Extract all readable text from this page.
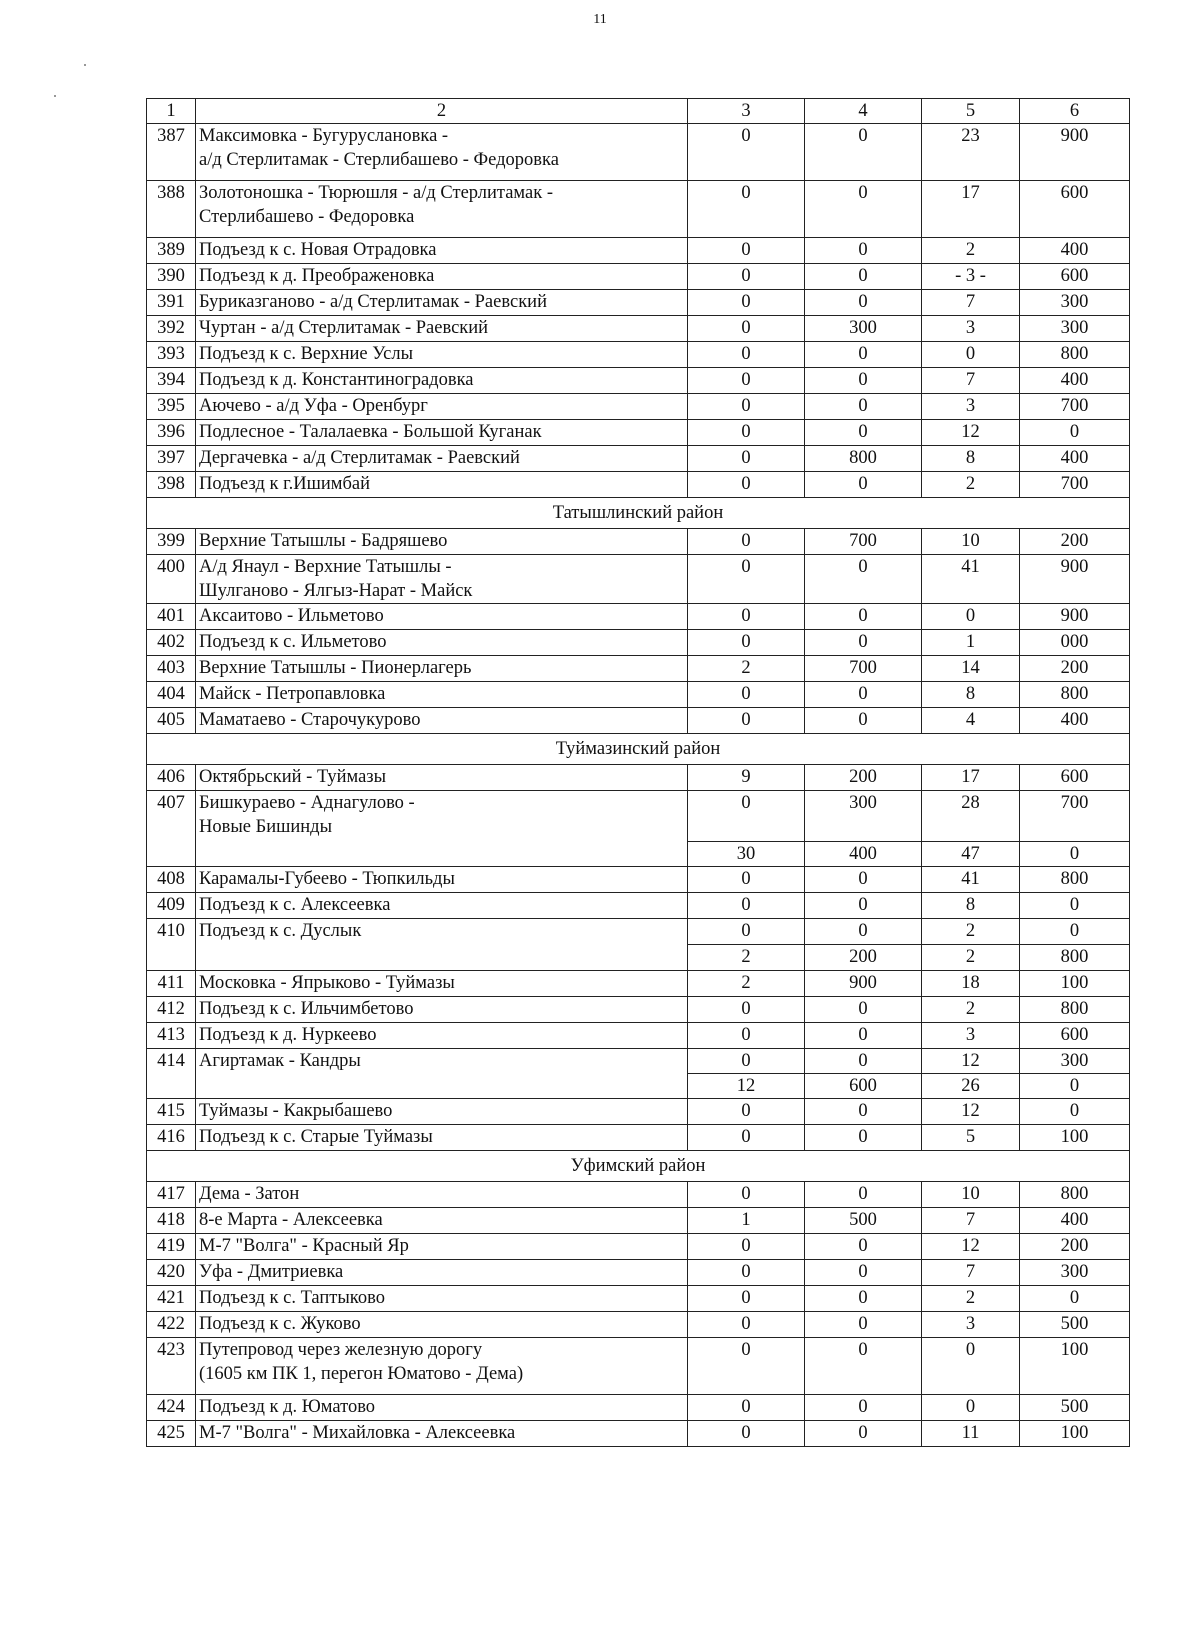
11
1	2	3	4	5	6
387	Максимовка - Бугуруслановка -
а/д Стерлитамак - Стерлибашево - Федоровка	0	0	23	900
388	Золотоношка - Тюрюшля - а/д Стерлитамак -
Стерлибашево - Федоровка	0	0	17	600
389	Подъезд к с. Новая Отрадовка	0	0	2	400
390	Подъезд к д. Преображеновка	0	0	- 3 -	600
391	Буриказганово - а/д Стерлитамак - Раевский	0	0	7	300
392	Чуртан - а/д Стерлитамак - Раевский	0	300	3	300
393	Подъезд к с. Верхние Услы	0	0	0	800
394	Подъезд к д. Константиноградовка	0	0	7	400
395	Аючево - а/д Уфа - Оренбург	0	0	3	700
396	Подлесное - Талалаевка - Большой Куганак	0	0	12	0
397	Дергачевка - а/д Стерлитамак - Раевский	0	800	8	400
398	Подъезд к г.Ишимбай	0	0	2	700
Татышлинский район					
399	Верхние Татышлы - Бадряшево	0	700	10	200
400	А/д Янаул - Верхние Татышлы -
Шулганово - Ялгыз-Нарат - Майск	0	0	41	900
401	Аксаитово - Ильметово	0	0	0	900
402	Подъезд к с. Ильметово	0	0	1	000
403	Верхние Татышлы - Пионерлагерь	2	700	14	200
404	Майск - Петропавловка	0	0	8	800
405	Маматаево - Старочукурово	0	0	4	400
Туймазинский район					
406	Октябрьский - Туймазы	9	200	17	600
407	Бишкураево - Аднагулово -
Новые Бишинды	0	300	28	700
		30	400	47	0
408	Карамалы-Губеево - Тюпкильды	0	0	41	800
409	Подъезд к с. Алексеевка	0	0	8	0
410	Подъезд к с. Дуслык	0	0	2	0
		2	200	2	800
411	Московка - Япрыково - Туймазы	2	900	18	100
412	Подъезд к с. Ильчимбетово	0	0	2	800
413	Подъезд к д. Нуркеево	0	0	3	600
414	Агиртамак - Кандры	0	0	12	300
		12	600	26	0
415	Туймазы - Какрыбашево	0	0	12	0
416	Подъезд к с. Старые Туймазы	0	0	5	100
Уфимский район					
417	Дема - Затон	0	0	10	800
418	8-е Марта - Алексеевка	1	500	7	400
419	М-7 "Волга" - Красный Яр	0	0	12	200
420	Уфа - Дмитриевка	0	0	7	300
421	Подъезд к с. Таптыково	0	0	2	0
422	Подъезд к с. Жуково	0	0	3	500
423	Путепровод через железную дорогу
(1605 км ПК 1, перегон Юматово - Дема)	0	0	0	100
424	Подъезд к д. Юматово	0	0	0	500
425	М-7 "Волга" - Михайловка - Алексеевка	0	0	11	100
